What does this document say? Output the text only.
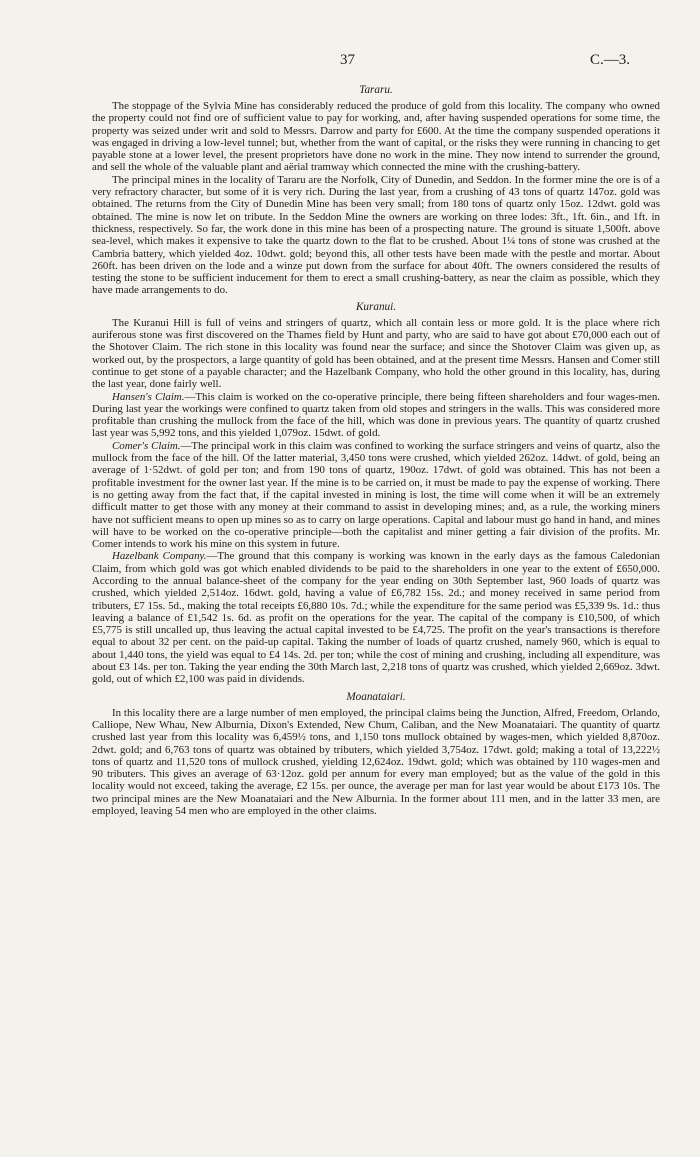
37	C.—3.
Tararu.

The stoppage of the Sylvia Mine has considerably reduced the produce of gold from this locality. The company who owned the property could not find ore of sufficient value to pay for working, and, after having suspended operations for some time, the property was seized under writ and sold to Messrs. Darrow and party for £600. At the time the company suspended operations it was engaged in driving a low-level tunnel; but, whether from the want of capital, or the risks they were running in chancing to get payable stone at a lower level, the present proprietors have done no work in the mine. They now intend to surrender the ground, and sell the whole of the valuable plant and aërial tramway which connected the mine with the crushing-battery.

The principal mines in the locality of Tararu are the Norfolk, City of Dunedin, and Seddon. In the former mine the ore is of a very refractory character, but some of it is very rich. During the last year, from a crushing of 43 tons of quartz 147oz. gold was obtained. The returns from the City of Dunedin Mine has been very small; from 180 tons of quartz only 15oz. 12dwt. gold was obtained. The mine is now let on tribute. In the Seddon Mine the owners are working on three lodes: 3ft., 1ft. 6in., and 1ft. in thickness, respectively. So far, the work done in this mine has been of a prospecting nature. The ground is situate 1,500ft. above sea-level, which makes it expensive to take the quartz down to the flat to be crushed. About 1¼ tons of stone was crushed at the Cambria battery, which yielded 4oz. 10dwt. gold; beyond this, all other tests have been made with the pestle and mortar. About 260ft. has been driven on the lode and a winze put down from the surface for about 40ft. The owners considered the results of testing the stone to be sufficient inducement for them to erect a small crushing-battery, as near the claim as possible, which they have made arrangements to do.

Kuranui.

The Kuranui Hill is full of veins and stringers of quartz, which all contain less or more gold. It is the place where rich auriferous stone was first discovered on the Thames field by Hunt and party, who are said to have got about £70,000 each out of the Shotover Claim. The rich stone in this locality was found near the surface; and since the Shotover Claim was given up, as worked out, by the prospectors, a large quantity of gold has been obtained, and at the present time Messrs. Hansen and Comer still continue to get stone of a payable character; and the Hazelbank Company, who hold the other ground in this locality, has, during the last year, done fairly well.

Hansen's Claim.—This claim is worked on the co-operative principle, there being fifteen shareholders and four wages-men. During last year the workings were confined to quartz taken from old stopes and stringers in the walls. This was considered more profitable than crushing the mullock from the face of the hill, which was done in previous years. The quantity of quartz crushed last year was 5,992 tons, and this yielded 1,079oz. 15dwt. of gold.

Comer's Claim.—The principal work in this claim was confined to working the surface stringers and veins of quartz, also the mullock from the face of the hill. Of the latter material, 3,450 tons were crushed, which yielded 262oz. 14dwt. of gold, being an average of 1·52dwt. of gold per ton; and from 190 tons of quartz, 190oz. 17dwt. of gold was obtained. This has not been a profitable investment for the owner last year. If the mine is to be carried on, it must be made to pay the expense of working. There is no getting away from the fact that, if the capital invested in mining is lost, the time will come when it will be an extremely difficult matter to get those with any money at their command to assist in developing mines; and, as a rule, the working miners have not sufficient means to open up mines so as to carry on large operations. Capital and labour must go hand in hand, and mines will have to be worked on the co-operative principle—both the capitalist and miner getting a fair division of the profits. Mr. Comer intends to work his mine on this system in future.

Hazelbank Company.—The ground that this company is working was known in the early days as the famous Caledonian Claim, from which gold was got which enabled dividends to be paid to the shareholders in one year to the extent of £650,000. According to the annual balance-sheet of the company for the year ending on 30th September last, 960 loads of quartz was crushed, which yielded 2,514oz. 16dwt. gold, having a value of £6,782 15s. 2d.; and money received in same period from tributers, £7 15s. 5d., making the total receipts £6,880 10s. 7d.; while the expenditure for the same period was £5,339 9s. 1d.: thus leaving a balance of £1,542 1s. 6d. as profit on the operations for the year. The capital of the company is £10,500, of which £5,775 is still uncalled up, thus leaving the actual capital invested to be £4,725. The profit on the year's transactions is therefore equal to about 32 per cent. on the paid-up capital. Taking the number of loads of quartz crushed, namely 960, which is equal to about 1,440 tons, the yield was equal to £4 14s. 2d. per ton; while the cost of mining and crushing, including all expenditure, was about £3 14s. per ton. Taking the year ending the 30th March last, 2,218 tons of quartz was crushed, which yielded 2,669oz. 3dwt. gold, out of which £2,100 was paid in dividends.

Moanataiari.

In this locality there are a large number of men employed, the principal claims being the Junction, Alfred, Freedom, Orlando, Calliope, New Whau, New Alburnia, Dixon's Extended, New Chum, Caliban, and the New Moanataiari. The quantity of quartz crushed last year from this locality was 6,459½ tons, and 1,150 tons mullock obtained by wages-men, which yielded 8,870oz. 2dwt. gold; and 6,763 tons of quartz was obtained by tributers, which yielded 3,754oz. 17dwt. gold; making a total of 13,222½ tons of quartz and 11,520 tons of mullock crushed, yielding 12,624oz. 19dwt. gold; which was obtained by 110 wages-men and 90 tributers. This gives an average of 63·12oz. gold per annum for every man employed; but as the value of the gold in this locality would not exceed, taking the average, £2 15s. per ounce, the average per man for last year would be about £173 10s. The two principal mines are the New Moanataiari and the New Alburnia. In the former about 111 men, and in the latter 33 men, are employed, leaving 54 men who are employed in the other claims.
